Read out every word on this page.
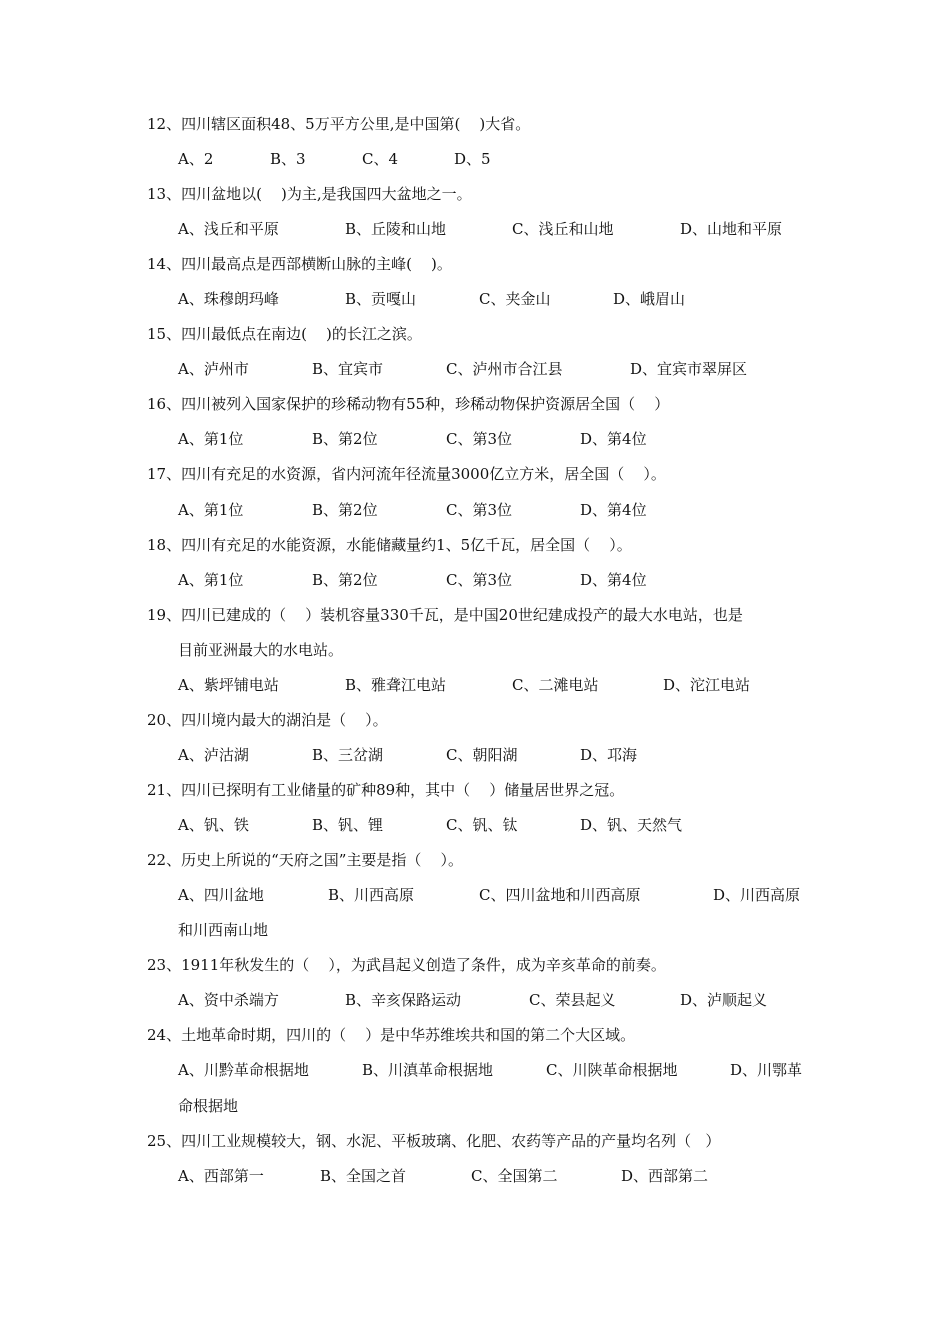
12、四川辖区面积48、5万平方公里,是中国第(    )大省。
A、2	B、3	C、4	D、5
13、四川盆地以(    )为主,是我国四大盆地之一。
A、浅丘和平原	B、丘陵和山地	C、浅丘和山地	D、山地和平原
14、四川最高点是西部横断山脉的主峰(    )。
A、珠穆朗玛峰	B、贡嘎山	C、夹金山	D、峨眉山
15、四川最低点在南边(    )的长江之滨。
A、泸州市	B、宜宾市	C、泸州市合江县	D、宜宾市翠屏区
16、四川被列入国家保护的珍稀动物有55种，珍稀动物保护资源居全国（    ）
A、第1位	B、第2位	C、第3位	D、第4位
17、四川有充足的水资源，省内河流年径流量3000亿立方米，居全国（    ）。
A、第1位	B、第2位	C、第3位	D、第4位
18、四川有充足的水能资源，水能储藏量约1、5亿千瓦，居全国（    ）。
A、第1位	B、第2位	C、第3位	D、第4位
19、四川已建成的（    ）装机容量330千瓦，是中国20世纪建成投产的最大水电站，也是
目前亚洲最大的水电站。
A、紫坪铺电站	B、雅聋江电站	C、二滩电站	D、沱江电站
20、四川境内最大的湖泊是（    ）。
A、泸沽湖	B、三岔湖	C、朝阳湖	D、邛海
21、四川已探明有工业储量的矿种89种，其中（    ）储量居世界之冠。
A、钒、铁	B、钒、锂	C、钒、钛	D、钒、天然气
22、历史上所说的“天府之国”主要是指（    ）。
A、四川盆地	B、川西高原	C、四川盆地和川西高原	D、川西高原
和川西南山地
23、1911年秋发生的（    ），为武昌起义创造了条件，成为辛亥革命的前奏。
A、资中杀端方	B、辛亥保路运动	C、荣县起义	D、泸顺起义
24、土地革命时期，四川的（    ）是中华苏维埃共和国的第二个大区域。
A、川黔革命根据地	B、川滇革命根据地	C、川陕革命根据地	D、川鄂革
命根据地
25、四川工业规模较大，钢、水泥、平板玻璃、化肥、农药等产品的产量均名列（   ）
A、西部第一	B、全国之首	C、全国第二	D、西部第二
